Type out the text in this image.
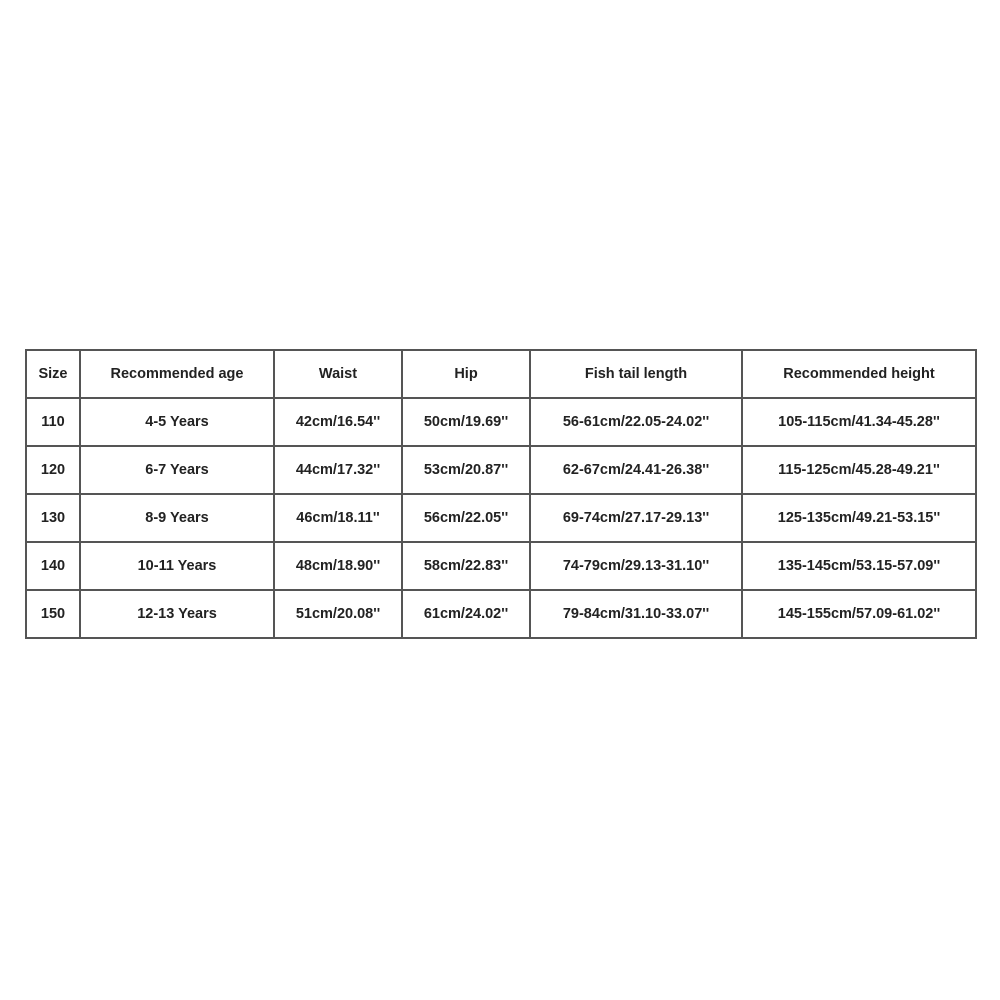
Size	Recommended age	Waist	Hip	Fish tail length	Recommended height
110	4-5 Years	42cm/16.54''	50cm/19.69''	56-61cm/22.05-24.02''	105-115cm/41.34-45.28''
120	6-7 Years	44cm/17.32''	53cm/20.87''	62-67cm/24.41-26.38''	115-125cm/45.28-49.21''
130	8-9 Years	46cm/18.11''	56cm/22.05''	69-74cm/27.17-29.13''	125-135cm/49.21-53.15''
140	10-11 Years	48cm/18.90''	58cm/22.83''	74-79cm/29.13-31.10''	135-145cm/53.15-57.09''
150	12-13 Years	51cm/20.08''	61cm/24.02''	79-84cm/31.10-33.07''	145-155cm/57.09-61.02''
